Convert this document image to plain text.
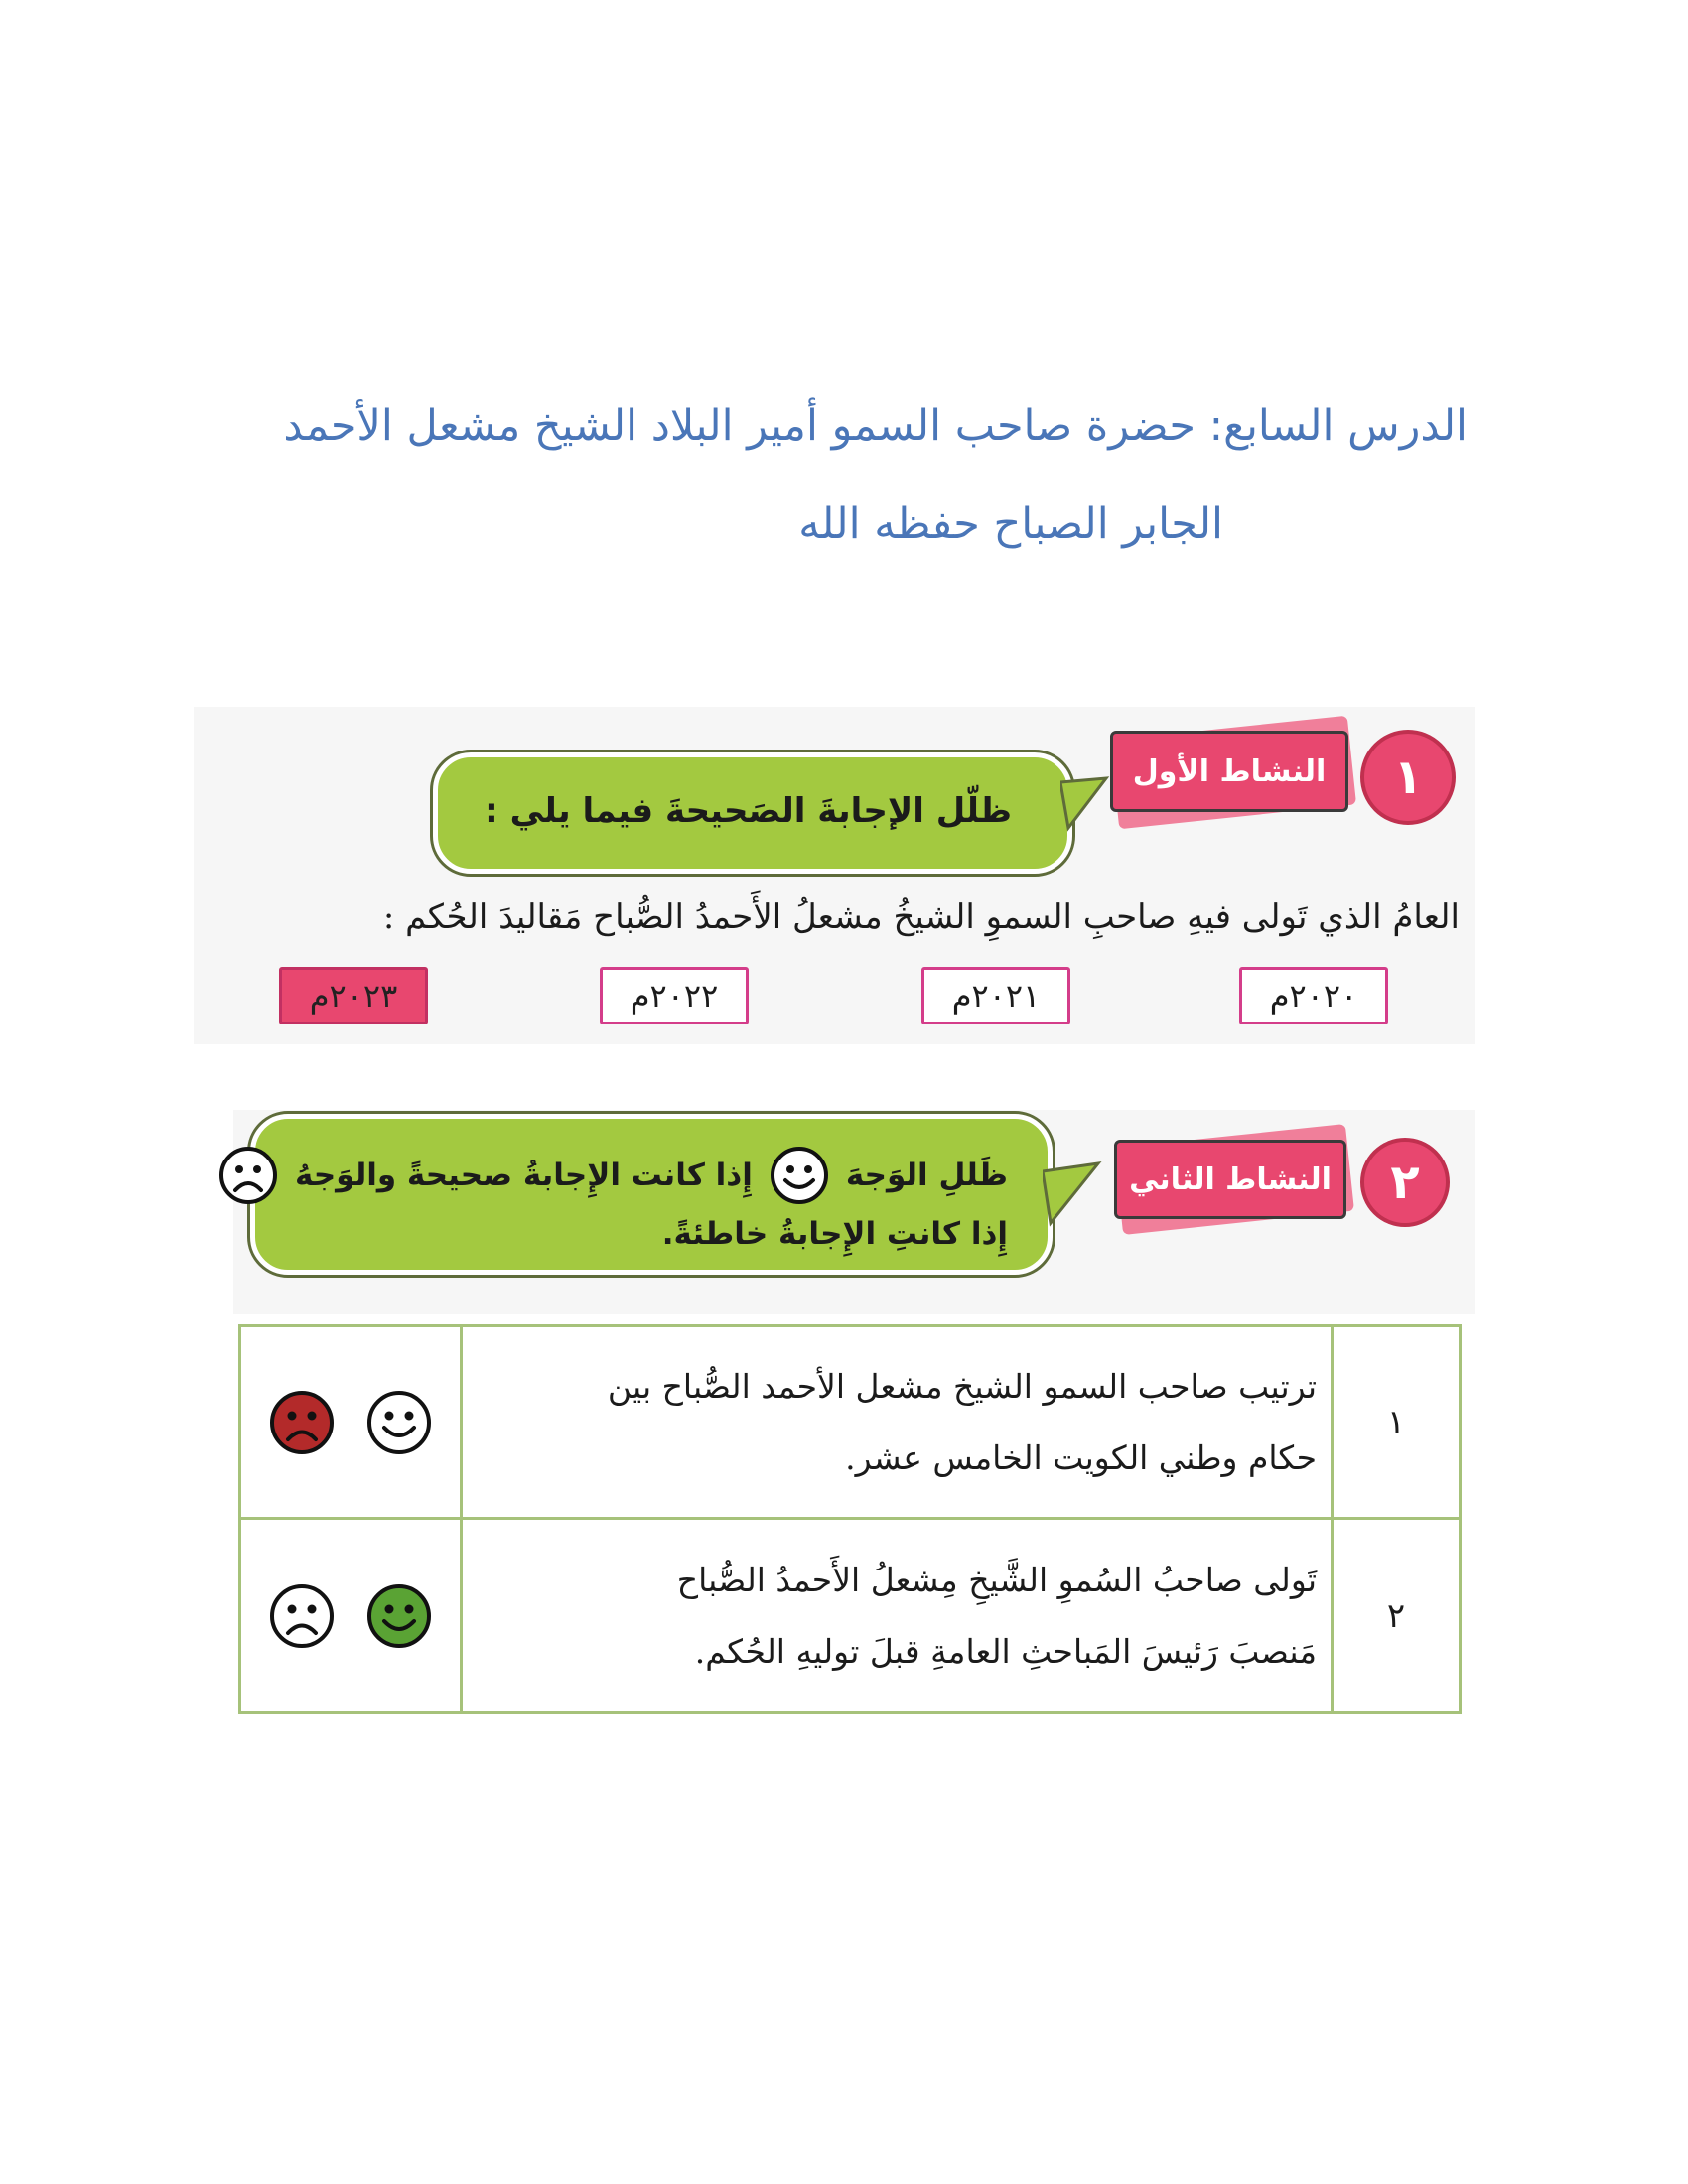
الدرس السابع: حضرة صاحب السمو أمير البلاد الشيخ مشعل الأحمد
الجابر الصباح حفظه الله
١
النشاط الأول
ظلّل الإجابةَ الصَحيحةَ فيما يلي :
العامُ الذي تَولى فيهِ صاحبِ السموِ الشيخُ مشعلُ الأَحمدُ الصُّباح مَقاليدَ الحُكم :
٢٠٢٠م
٢٠٢١م
٢٠٢٢م
٢٠٢٣م
٢
النشاط الثاني
ظَللِ الوَجهَ
إِذا كانت الإِجابةُ صحيحةً والوَجهُ
إِذا كانتِ الإِجابةُ خاطئةً.
١	ترتيب صاحب السمو الشيخ مشعل الأحمد الصُّباح بين
حكام وطني الكويت الخامس عشر.

٢	تَولى صاحبُ السُموِ الشَّيخِ مِشعلُ الأَحمدُ الصُّباح
مَنصبَ رَئيسَ المَباحثِ العامةِ قبلَ توليهِ الحُكم.
